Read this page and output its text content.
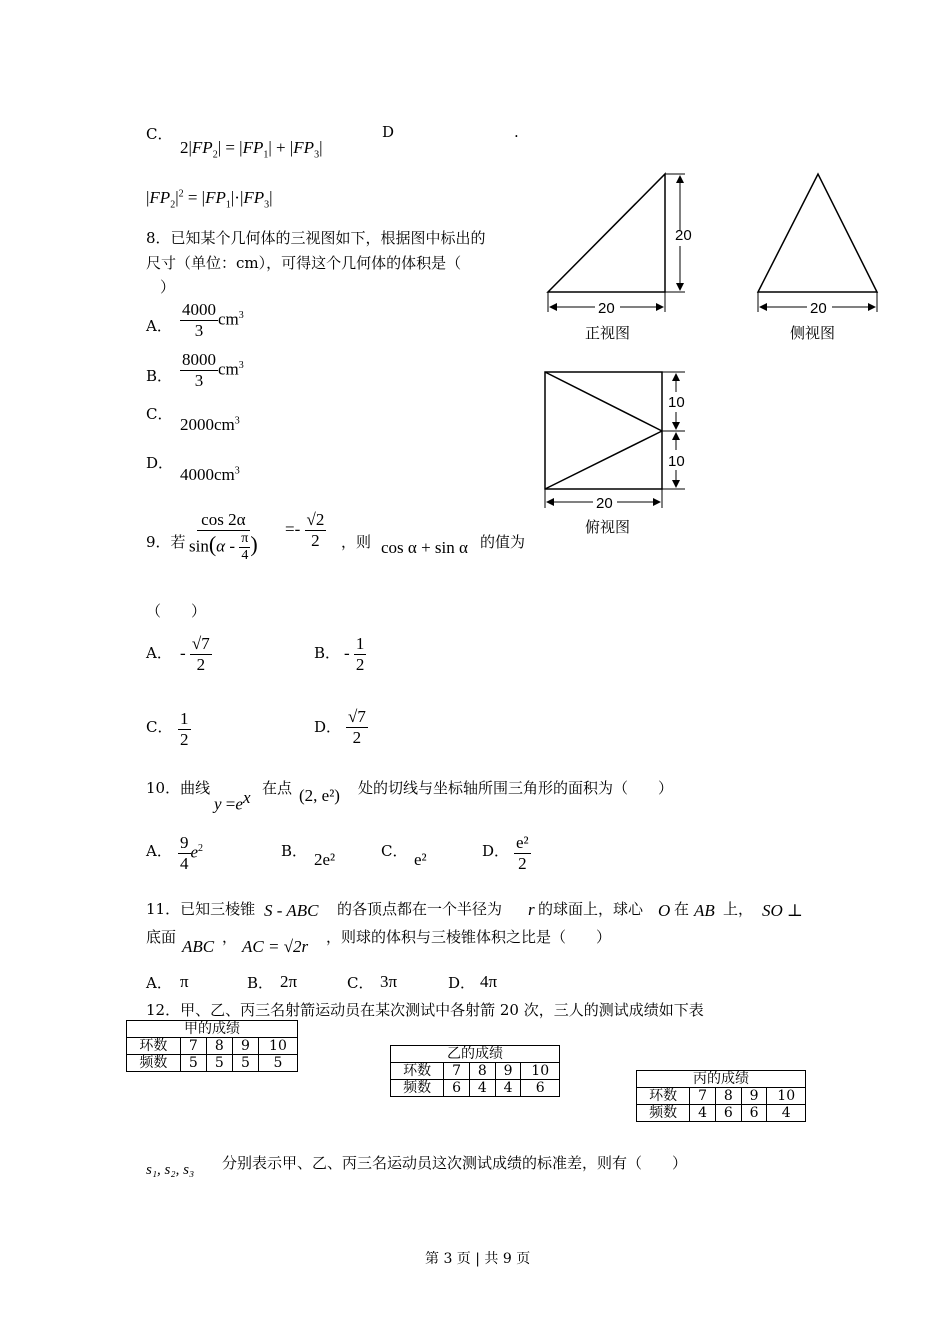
C．
$2|FP_2| = |FP_1| + |FP_3|$
D	.
$|FP_2|^2 = |FP_1|\cdot|FP_3|$
8．已知某个几何体的三视图如下，根据图中标出的
尺寸（单位：cm），可得这个几何体的体积是（
）
A． $\frac{4000}{3} cm^3$
B． $\frac{8000}{3} cm^3$
C．
$2000cm^3$
D．
$4000cm^3$
20
20
正视图
20
侧视图
10
10
20
俯视图
9．若 $\frac{\cos 2\alpha}{\sin(\alpha - \frac{\pi}{4} )} =- \frac{√2}{2}$ ，则 cos α + sin α 的值为
（　　）
A． - $\frac{√7}{2}$	B． - $\frac{1}{2}$
C． $\frac{1}{2}$	D． $\frac{√7}{2}$
10．曲线
$y =e^x$ 在点 (2, e²) 处的切线与坐标轴所围三角形的面积为（　　）
A． $\frac{9}{4} e^2$	B． 2e²	C． e²	D． $\frac{\text{e²}}{2}$
11．已知三棱锥 S - ABC 的各顶点都在一个半径为 r 的球面上，球心 O 在 AB 上， SO ⊥
底面 ABC ， AC = √2r ，则球的体积与三棱锥体积之比是（　　）
A． π	B． 2π	C． 3π	D． 4π
12．甲、乙、丙三名射箭运动员在某次测试中各射箭 20 次，三人的测试成绩如下表
甲的成绩				
环数	7	8	9	10
频数	5	5	5	5
乙的成绩				
环数	7	8	9	10
频数	6	4	4	6
丙的成绩				
环数	7	8	9	10
频数	4	6	6	4
s₁, s₂, s₃ 分别表示甲、乙、丙三名运动员这次测试成绩的标准差，则有（　　）
第 3 页 | 共 9 页
